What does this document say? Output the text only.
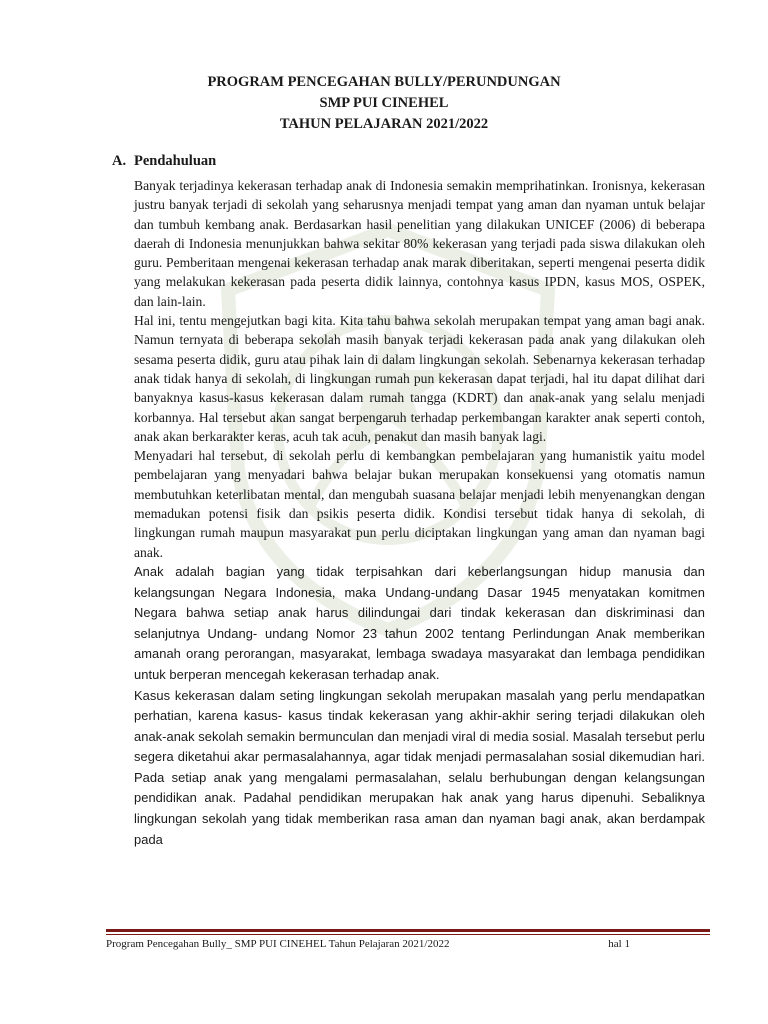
PROGRAM PENCEGAHAN BULLY/PERUNDUNGAN
SMP PUI CINEHEL
TAHUN PELAJARAN 2021/2022
A. Pendahuluan

Banyak terjadinya kekerasan terhadap anak di Indonesia semakin memprihatinkan. Ironisnya, kekerasan justru banyak terjadi di sekolah yang seharusnya menjadi tempat yang aman dan nyaman untuk belajar dan tumbuh kembang anak. Berdasarkan hasil penelitian yang dilakukan UNICEF (2006) di beberapa daerah di Indonesia menunjukkan bahwa sekitar 80% kekerasan yang terjadi pada siswa dilakukan oleh guru. Pemberitaan mengenai kekerasan terhadap anak marak diberitakan, seperti mengenai peserta didik yang melakukan kekerasan pada peserta didik lainnya, contohnya kasus IPDN, kasus MOS, OSPEK, dan lain-lain.

Hal ini, tentu mengejutkan bagi kita. Kita tahu bahwa sekolah merupakan tempat yang aman bagi anak. Namun ternyata di beberapa sekolah masih banyak terjadi kekerasan pada anak yang dilakukan oleh sesama peserta didik, guru atau pihak lain di dalam lingkungan sekolah. Sebenarnya kekerasan terhadap anak tidak hanya di sekolah, di lingkungan rumah pun kekerasan dapat terjadi, hal itu dapat dilihat dari banyaknya kasus-kasus kekerasan dalam rumah tangga (KDRT) dan anak-anak yang selalu menjadi korbannya. Hal tersebut akan sangat berpengaruh terhadap perkembangan karakter anak seperti contoh, anak akan berkarakter keras, acuh tak acuh, penakut dan masih banyak lagi.

Menyadari hal tersebut, di sekolah perlu di kembangkan pembelajaran yang humanistik yaitu model pembelajaran yang menyadari bahwa belajar bukan merupakan konsekuensi yang otomatis namun membutuhkan keterlibatan mental, dan mengubah suasana belajar menjadi lebih menyenangkan dengan memadukan potensi fisik dan psikis peserta didik. Kondisi tersebut tidak hanya di sekolah, di lingkungan rumah maupun masyarakat pun perlu diciptakan lingkungan yang aman dan nyaman bagi anak.

Anak adalah bagian yang tidak terpisahkan dari keberlangsungan hidup manusia dan kelangsungan Negara Indonesia, maka Undang-undang Dasar 1945 menyatakan komitmen Negara bahwa setiap anak harus dilindungai dari tindak kekerasan dan diskriminasi dan selanjutnya Undang- undang Nomor 23 tahun 2002 tentang Perlindungan Anak memberikan amanah orang perorangan, masyarakat, lembaga swadaya masyarakat dan lembaga pendidikan untuk berperan mencegah kekerasan terhadap anak.

Kasus kekerasan dalam seting lingkungan sekolah merupakan masalah yang perlu mendapatkan perhatian, karena kasus- kasus tindak kekerasan yang akhir-akhir sering terjadi dilakukan oleh anak-anak sekolah semakin bermunculan dan menjadi viral di media sosial. Masalah tersebut perlu segera diketahui akar permasalahannya, agar tidak menjadi permasalahan sosial dikemudian hari. Pada setiap anak yang mengalami permasalahan, selalu berhubungan dengan kelangsungan pendidikan anak. Padahal pendidikan merupakan hak anak yang harus dipenuhi. Sebaliknya lingkungan sekolah yang tidak memberikan rasa aman dan nyaman bagi anak, akan berdampak pada

Program Pencegahan Bully_ SMP PUI CINEHEL Tahun Pelajaran 2021/2022	hal 1
